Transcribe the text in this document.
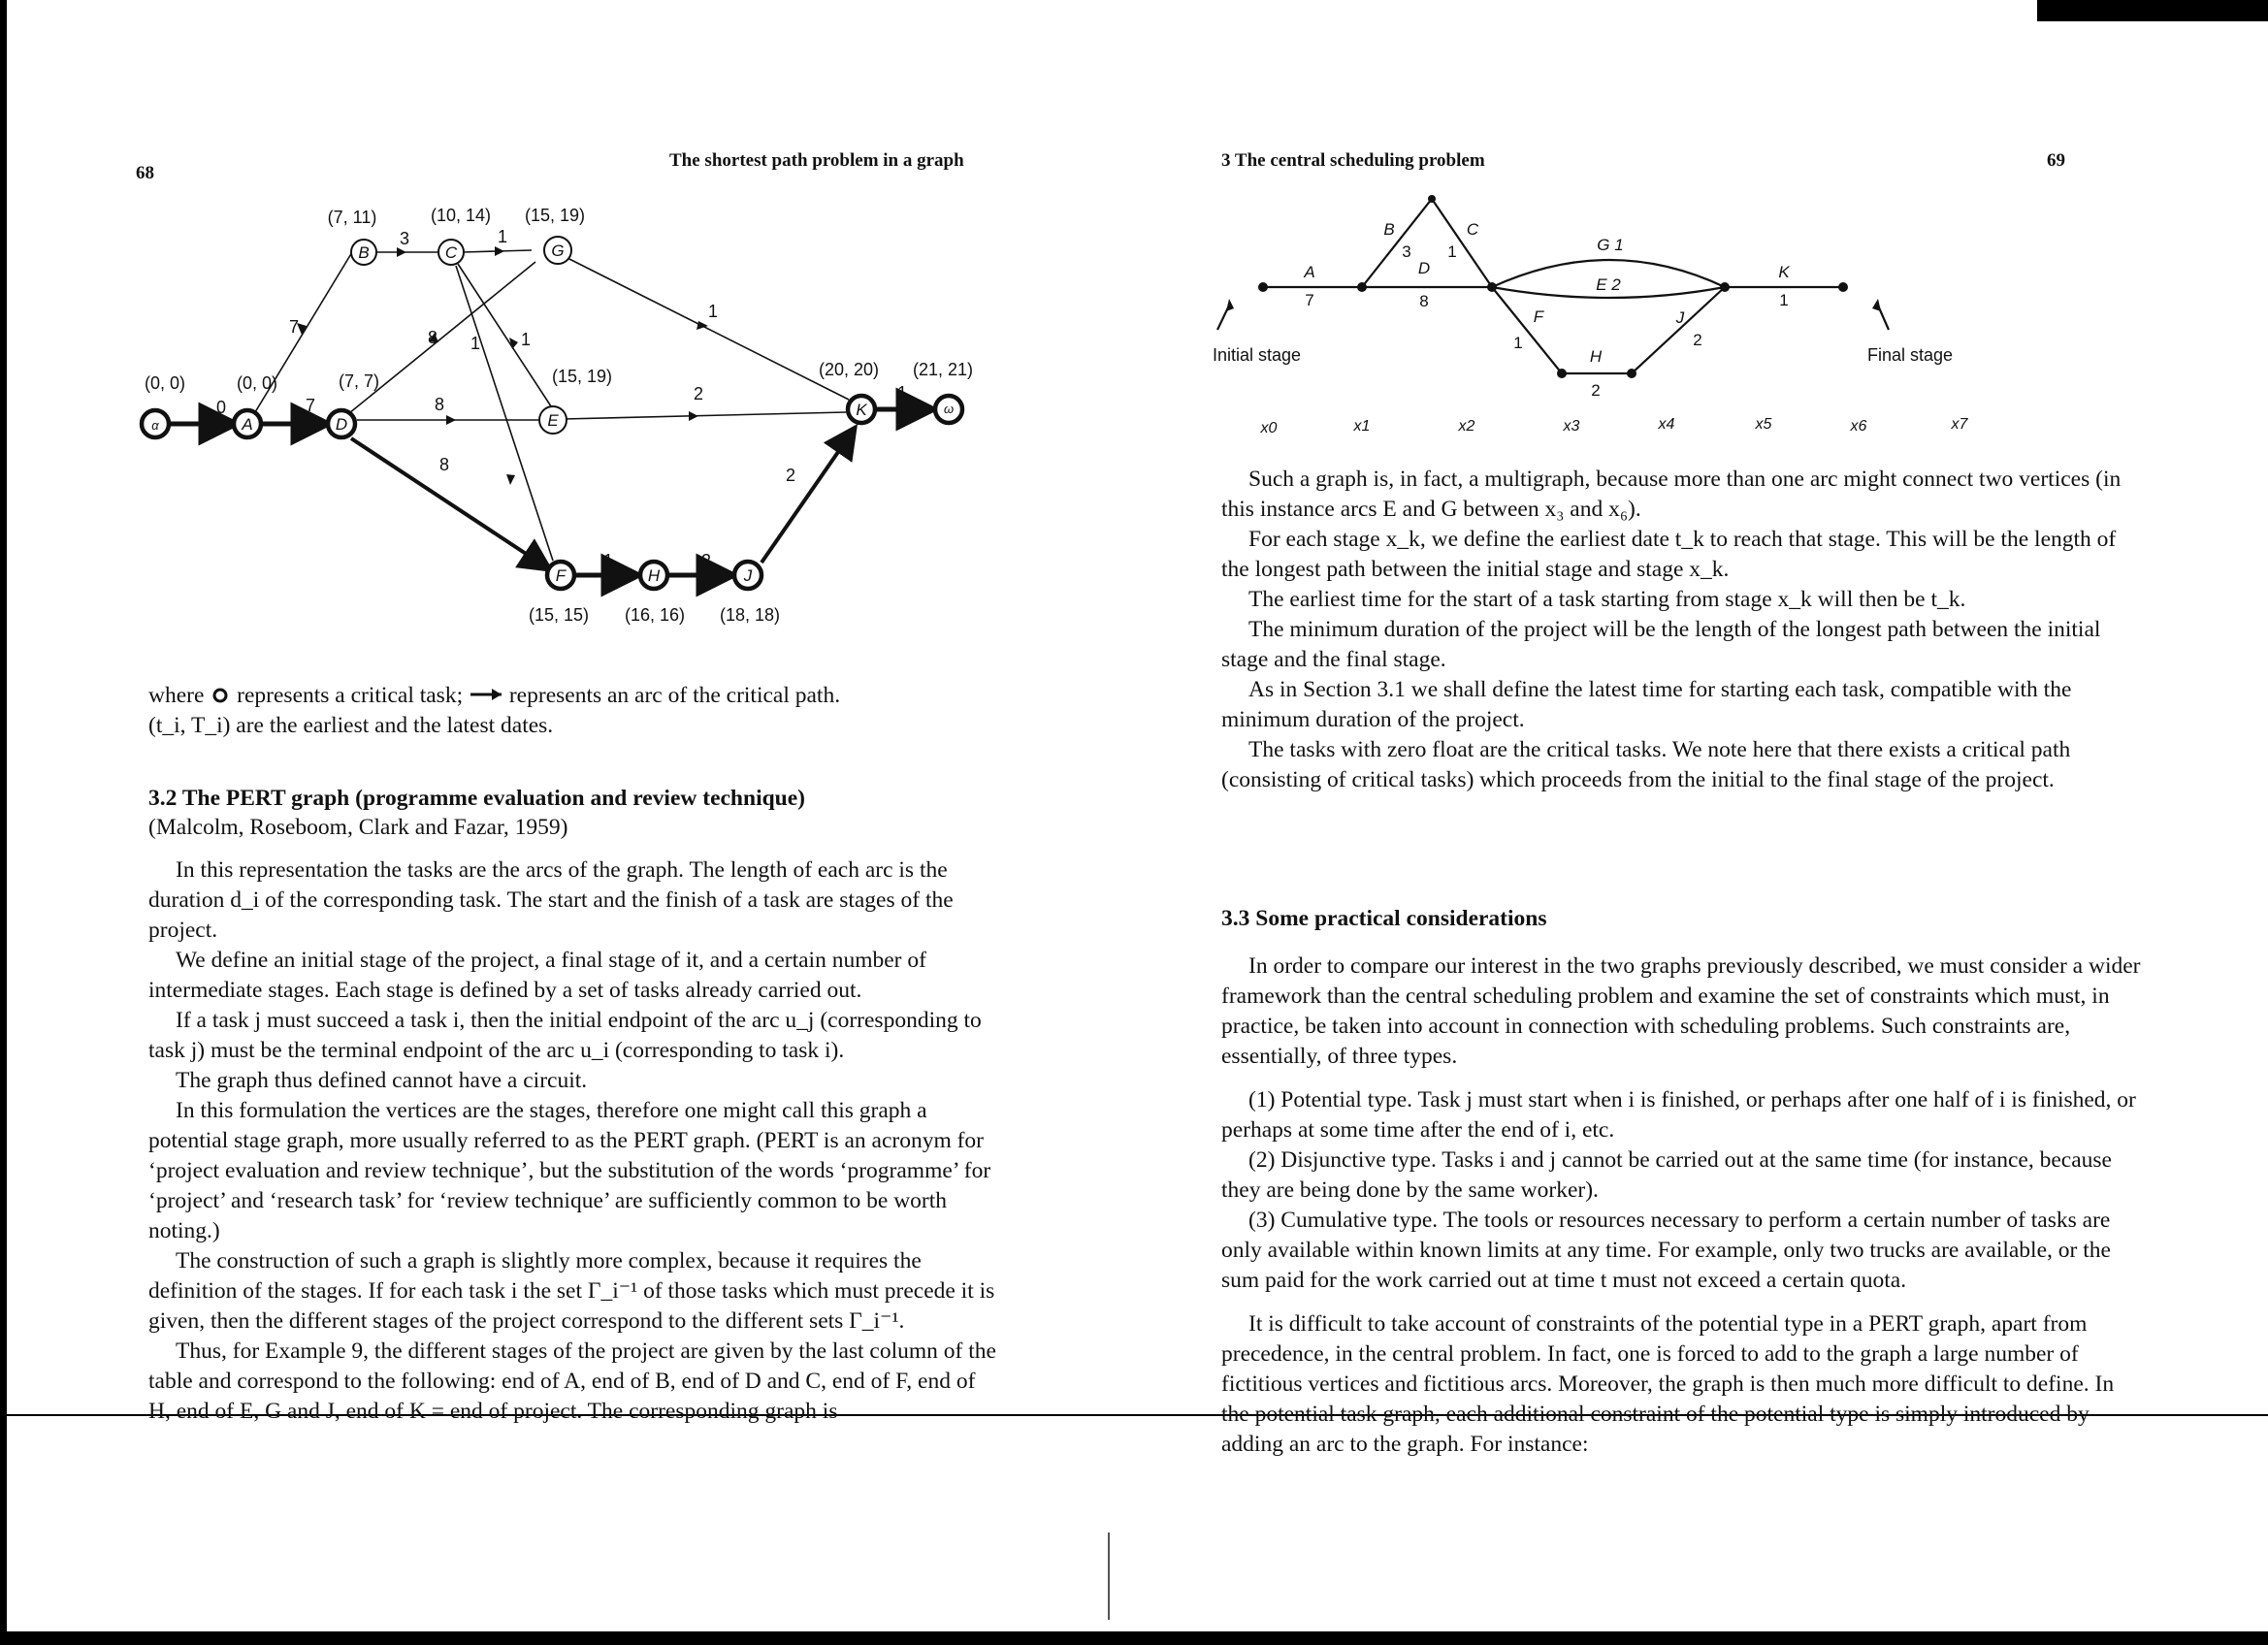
68
The shortest path problem in a graph
α	A
B	C	G
D	E
K	ω
F	H	J
(0, 0)	(0, 0)
(7, 11)	(10, 14) (15, 19)
(7, 7)	(15, 19)	(20, 20) (21, 21)
(15, 15) (16, 16) (18, 18)
0	7
7
3	1
8 1 1
8
1
2
8
1	2
2
1
where represents a critical task; represents an arc of the critical path.
(t_i, T_i) are the earliest and the latest dates.
3.2 The PERT graph (programme evaluation and review technique)
(Malcolm, Roseboom, Clark and Fazar, 1959)

In this representation the tasks are the arcs of the graph. The length of each arc is the duration d_i of the corresponding task. The start and the finish of a task are stages of the project.

We define an initial stage of the project, a final stage of it, and a certain number of intermediate stages. Each stage is defined by a set of tasks already carried out.

If a task j must succeed a task i, then the initial endpoint of the arc u_j (corresponding to task j) must be the terminal endpoint of the arc u_i (corresponding to task i).

The graph thus defined cannot have a circuit.

In this formulation the vertices are the stages, therefore one might call this graph a potential stage graph, more usually referred to as the PERT graph. (PERT is an acronym for ‘project evaluation and review technique’, but the substitution of the words ‘programme’ for ‘project’ and ‘research task’ for ‘review technique’ are sufficiently common to be worth noting.)

The construction of such a graph is slightly more complex, because it requires the definition of the stages. If for each task i the set Γ_i⁻¹ of those tasks which must precede it is given, then the different stages of the project correspond to the different sets Γ_i⁻¹.

Thus, for Example 9, the different stages of the project are given by the last column of the table and correspond to the following: end of A, end of B, end of D and C, end of F, end of H, end of E, G and J, end of K = end of project. The corresponding graph is

3 The central scheduling problem	69
A
7
B
3
C
1
D
8
G 1
E 2
F
1
H
2
J
2
K
1
Initial stage	Final stage
x0	x1	x2	x3	x4	x5	x6	x7

Such a graph is, in fact, a multigraph, because more than one arc might connect two vertices (in this instance arcs E and G between x₃ and x₆).

For each stage x_k, we define the earliest date t_k to reach that stage. This will be the length of the longest path between the initial stage and stage x_k.

The earliest time for the start of a task starting from stage x_k will then be t_k.

The minimum duration of the project will be the length of the longest path between the initial stage and the final stage.

As in Section 3.1 we shall define the latest time for starting each task, compatible with the minimum duration of the project.

The tasks with zero float are the critical tasks. We note here that there exists a critical path (consisting of critical tasks) which proceeds from the initial to the final stage of the project.

3.3 Some practical considerations

In order to compare our interest in the two graphs previously described, we must consider a wider framework than the central scheduling problem and examine the set of constraints which must, in practice, be taken into account in connection with scheduling problems. Such constraints are, essentially, of three types.

(1) Potential type. Task j must start when i is finished, or perhaps after one half of i is finished, or perhaps at some time after the end of i, etc.

(2) Disjunctive type. Tasks i and j cannot be carried out at the same time (for instance, because they are being done by the same worker).

(3) Cumulative type. The tools or resources necessary to perform a certain number of tasks are only available within known limits at any time. For example, only two trucks are available, or the sum paid for the work carried out at time t must not exceed a certain quota.

It is difficult to take account of constraints of the potential type in a PERT graph, apart from precedence, in the central problem. In fact, one is forced to add to the graph a large number of fictitious vertices and fictitious arcs. Moreover, the graph is then much more difficult to define. In the potential task graph, each additional constraint of the potential type is simply introduced by adding an arc to the graph. For instance:
